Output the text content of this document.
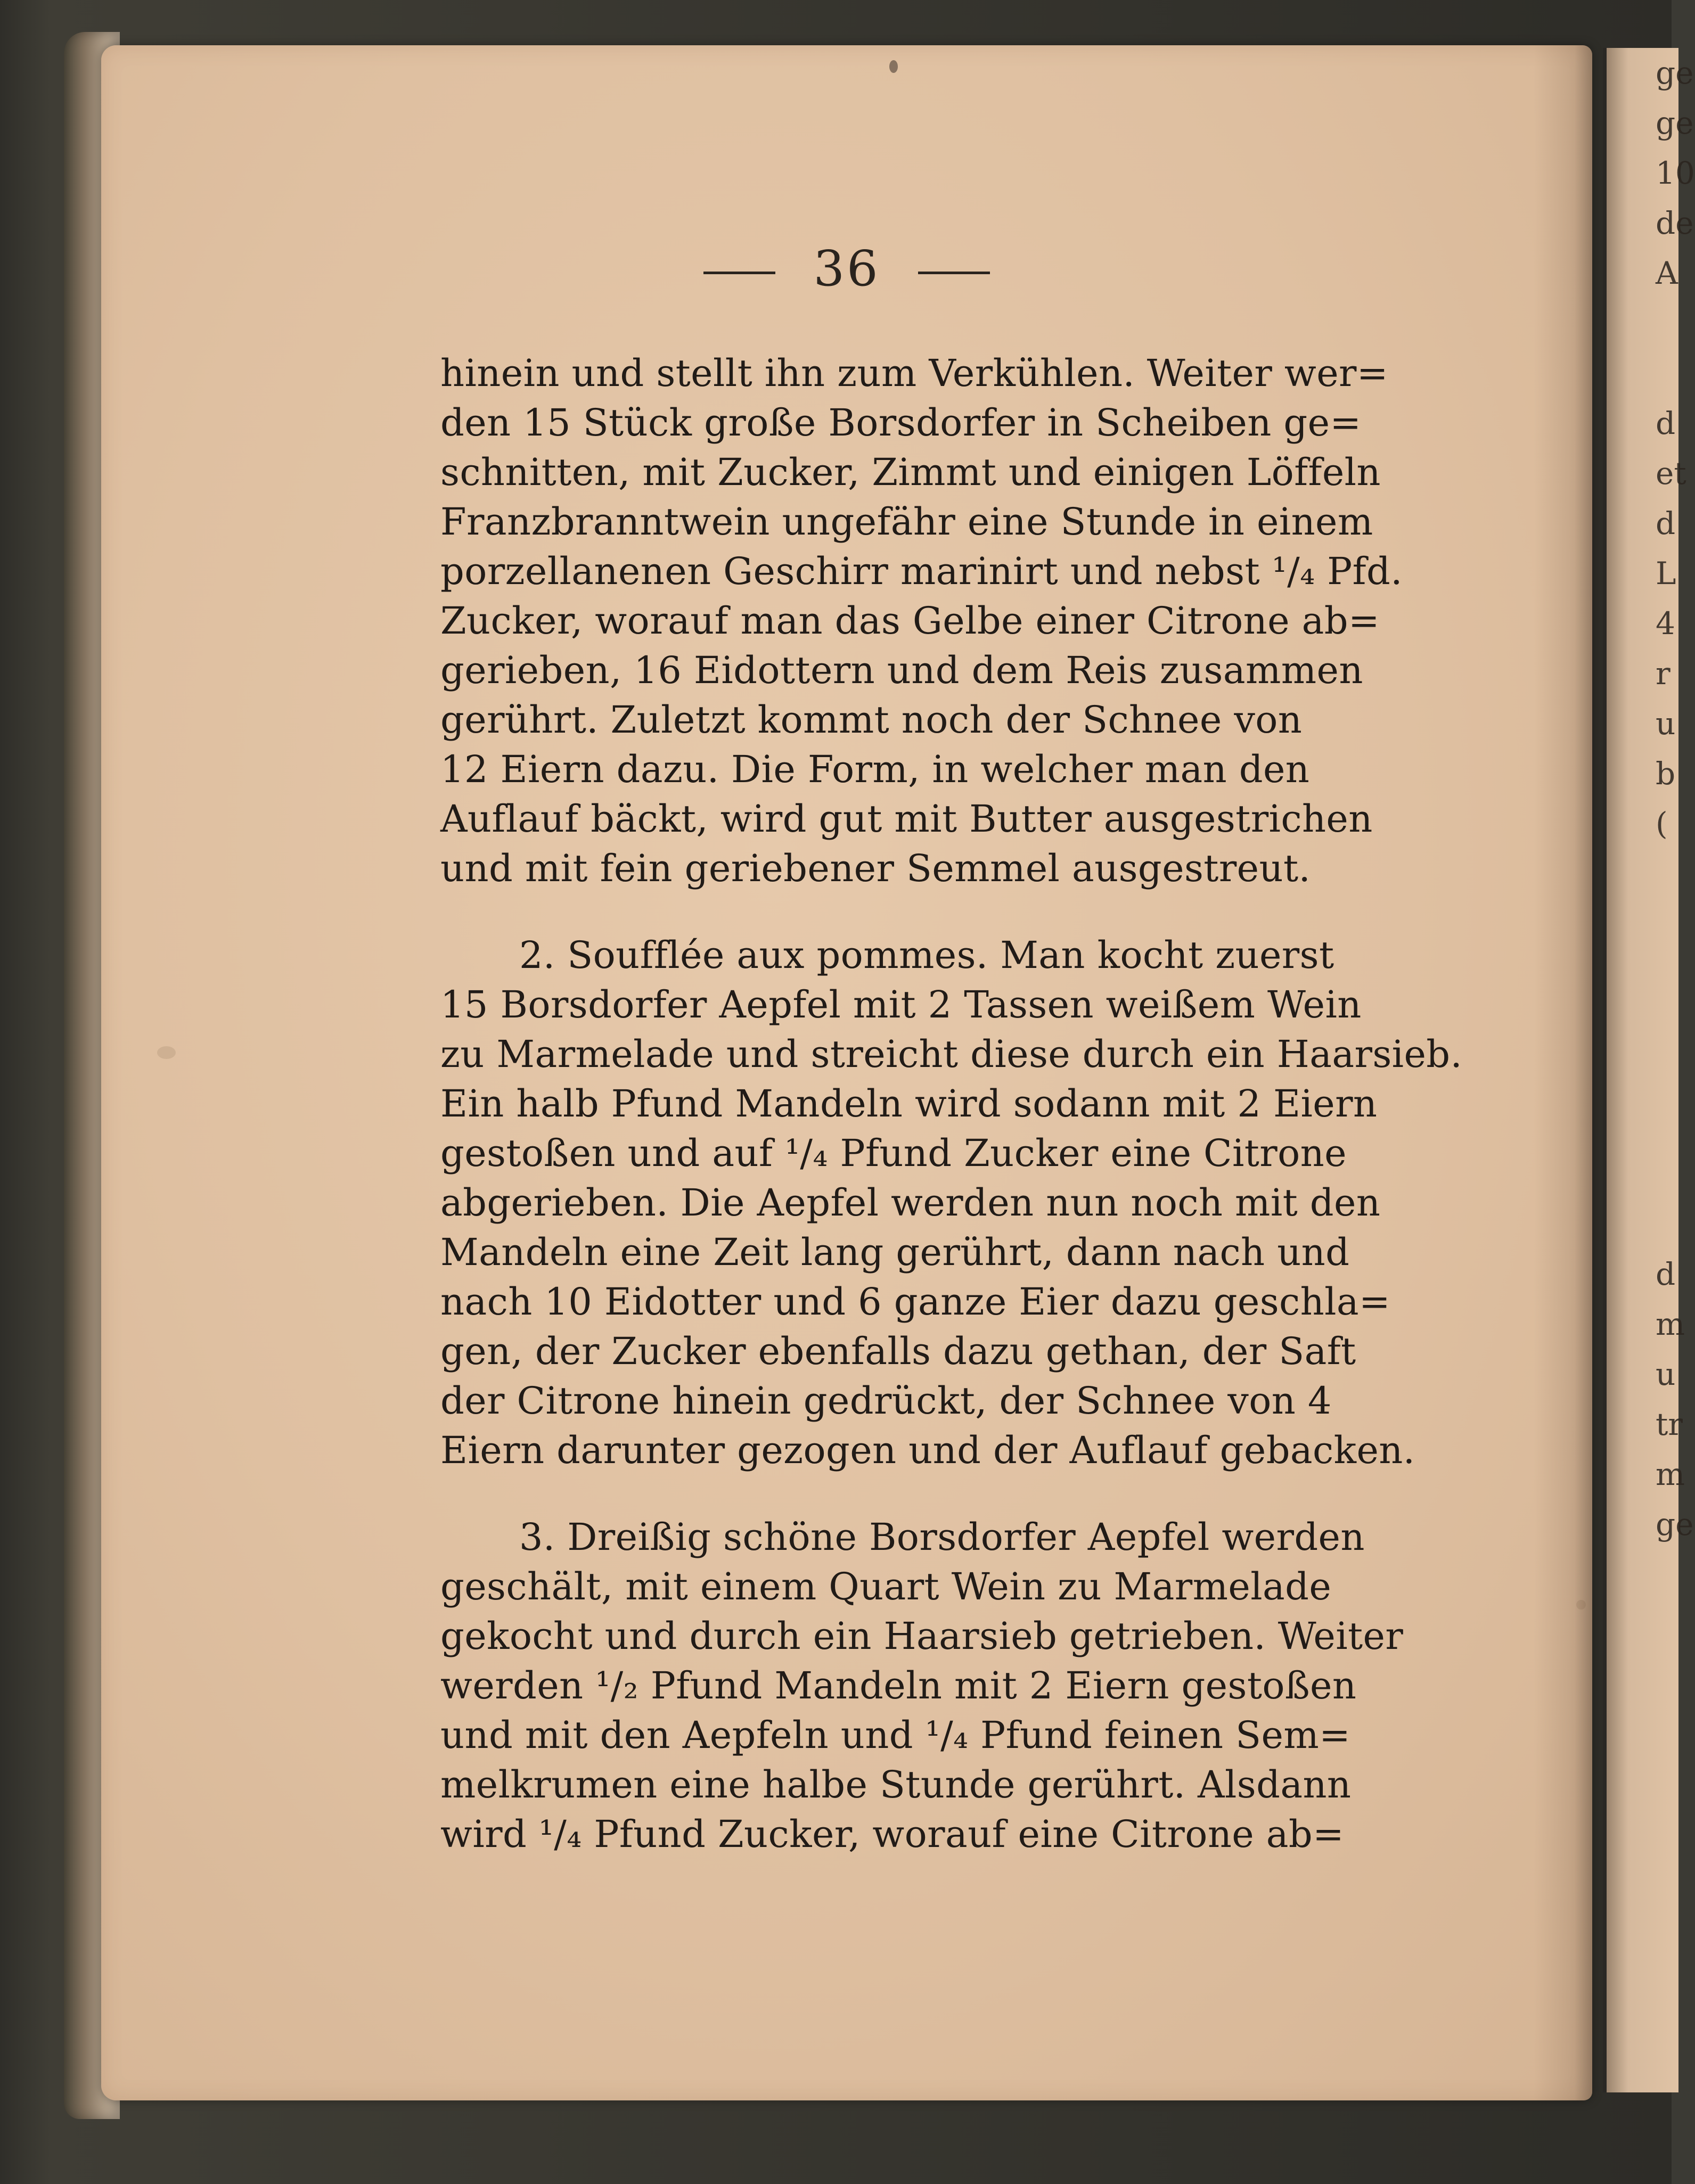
36

hinein und stellt ihn zum Verkühlen. Weiter wer=
den 15 Stück große Borsdorfer in Scheiben ge=
schnitten, mit Zucker, Zimmt und einigen Löffeln
Franzbranntwein ungefähr eine Stunde in einem
porzellanenen Geschirr marinirt und nebst ¹/₄ Pfd.
Zucker, worauf man das Gelbe einer Citrone ab=
gerieben, 16 Eidottern und dem Reis zusammen
gerührt. Zuletzt kommt noch der Schnee von
12 Eiern dazu. Die Form, in welcher man den
Auflauf bäckt, wird gut mit Butter ausgestrichen
und mit fein geriebener Semmel ausgestreut.

2. Soufflée aux pommes. Man kocht zuerst
15 Borsdorfer Aepfel mit 2 Tassen weißem Wein
zu Marmelade und streicht diese durch ein Haarsieb.
Ein halb Pfund Mandeln wird sodann mit 2 Eiern
gestoßen und auf ¹/₄ Pfund Zucker eine Citrone
abgerieben. Die Aepfel werden nun noch mit den
Mandeln eine Zeit lang gerührt, dann nach und
nach 10 Eidotter und 6 ganze Eier dazu geschla=
gen, der Zucker ebenfalls dazu gethan, der Saft
der Citrone hinein gedrückt, der Schnee von 4
Eiern darunter gezogen und der Auflauf gebacken.

3. Dreißig schöne Borsdorfer Aepfel werden
geschält, mit einem Quart Wein zu Marmelade
gekocht und durch ein Haarsieb getrieben. Weiter
werden ¹/₂ Pfund Mandeln mit 2 Eiern gestoßen
und mit den Aepfeln und ¹/₄ Pfund feinen Sem=
melkrumen eine halbe Stunde gerührt. Alsdann
wird ¹/₄ Pfund Zucker, worauf eine Citrone ab=

ge
ge
10
de
A
d
et
d
L
4
r
u
b
(
d
m
u
tr
m
ge
